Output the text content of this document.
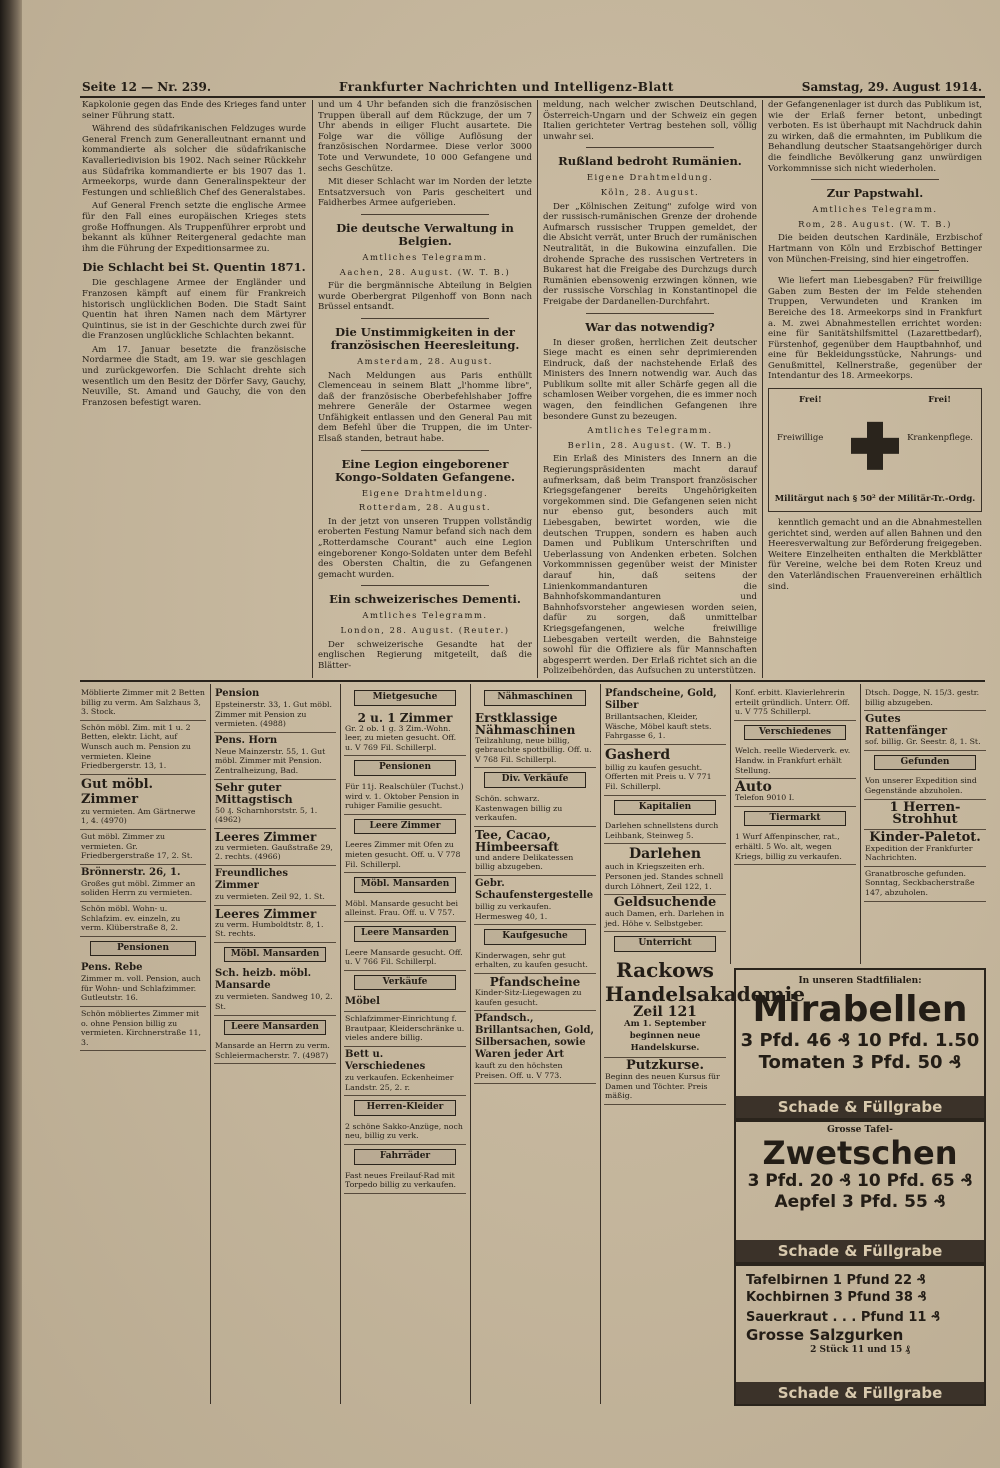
Seite 12 — Nr. 239.	Frankfurter Nachrichten und Intelligenz-Blatt	Samstag, 29. August 1914.

Kapkolonie gegen das Ende des Krieges fand unter seiner Führung statt.

Während des südafrikanischen Feldzuges wurde General French zum Generalleutnant ernannt und kommandierte als solcher die südafrikanische Kavalleriedivision bis 1902. Nach seiner Rückkehr aus Südafrika kommandierte er bis 1907 das 1. Armeekorps, wurde dann Generalinspekteur der Festungen und schließlich Chef des Generalstabes.

Auf General French setzte die englische Armee für den Fall eines europäischen Krieges stets große Hoffnungen. Als Truppenführer erprobt und bekannt als kühner Reitergeneral gedachte man ihm die Führung der Expeditionsarmee zu.

Die Schlacht bei St. Quentin 1871.

Die geschlagene Armee der Engländer und Franzosen kämpft auf einem für Frankreich historisch unglücklichen Boden. Die Stadt Saint Quentin hat ihren Namen nach dem Märtyrer Quintinus, sie ist in der Geschichte durch zwei für die Franzosen unglückliche Schlachten bekannt.

Am 17. Januar besetzte die französische Nordarmee die Stadt, am 19. war sie geschlagen und zurückgeworfen. Die Schlacht drehte sich wesentlich um den Besitz der Dörfer Savy, Gauchy, Neuville, St. Amand und Gauchy, die von den Franzosen befestigt waren.

und um 4 Uhr befanden sich die französischen Truppen überall auf dem Rückzuge, der um 7 Uhr abends in eiliger Flucht ausartete. Die Folge war die völlige Auflösung der französischen Nordarmee. Diese verlor 3000 Tote und Verwundete, 10 000 Gefangene und sechs Geschütze.

Mit dieser Schlacht war im Norden der letzte Entsatzversuch von Paris gescheitert und Faidherbes Armee aufgerieben.

Die deutsche Verwaltung in Belgien.
Amtliches Telegramm.
Aachen, 28. August. (W. T. B.)

Für die bergmännische Abteilung in Belgien wurde Oberbergrat Pilgenhoff von Bonn nach Brüssel entsandt.

Die Unstimmigkeiten in der französischen Heeresleitung.
Amsterdam, 28. August.

Nach Meldungen aus Paris enthüllt Clemenceau in seinem Blatt „l'homme libre", daß der französische Oberbefehlshaber Joffre mehrere Generäle der Ostarmee wegen Unfähigkeit entlassen und den General Pau mit dem Befehl über die Truppen, die im Unter-Elsaß standen, betraut habe.

Eine Legion eingeborener Kongo-Soldaten Gefangene.
Eigene Drahtmeldung.
Rotterdam, 28. August.

In der jetzt von unseren Truppen vollständig eroberten Festung Namur befand sich nach dem „Rotterdamsche Courant" auch eine Legion eingeborener Kongo-Soldaten unter dem Befehl des Obersten Chaltin, die zu Gefangenen gemacht wurden.

Ein schweizerisches Dementi.
Amtliches Telegramm.
London, 28. August. (Reuter.)

Der schweizerische Gesandte hat der englischen Regierung mitgeteilt, daß die Blätter-

meldung, nach welcher zwischen Deutschland, Österreich-Ungarn und der Schweiz ein gegen Italien gerichteter Vertrag bestehen soll, völlig unwahr sei.

Rußland bedroht Rumänien.
Eigene Drahtmeldung.
Köln, 28. August.

Der „Kölnischen Zeitung" zufolge wird von der russisch-rumänischen Grenze der drohende Aufmarsch russischer Truppen gemeldet, der die Absicht verrät, unter Bruch der rumänischen Neutralität, in die Bukowina einzufallen. Die drohende Sprache des russischen Vertreters in Bukarest hat die Freigabe des Durchzugs durch Rumänien ebensowenig erzwingen können, wie der russische Vorschlag in Konstantinopel die Freigabe der Dardanellen-Durchfahrt.

War das notwendig?

In dieser großen, herrlichen Zeit deutscher Siege macht es einen sehr deprimierenden Eindruck, daß der nachstehende Erlaß des Ministers des Innern notwendig war. Auch das Publikum sollte mit aller Schärfe gegen all die schamlosen Weiber vorgehen, die es immer noch wagen, den feindlichen Gefangenen ihre besondere Gunst zu bezeugen.

Amtliches Telegramm.
Berlin, 28. August. (W. T. B.)

Ein Erlaß des Ministers des Innern an die Regierungspräsidenten macht darauf aufmerksam, daß beim Transport französischer Kriegsgefangener bereits Ungehörigkeiten vorgekommen sind. Die Gefangenen seien nicht nur ebenso gut, besonders auch mit Liebesgaben, bewirtet worden, wie die deutschen Truppen, sondern es haben auch Damen und Publikum Unterschriften und Ueberlassung von Andenken erbeten. Solchen Vorkommnissen gegenüber weist der Minister darauf hin, daß seitens der Linienkommandanturen die Bahnhofskommandanturen und Bahnhofsvorsteher angewiesen worden seien, dafür zu sorgen, daß unmittelbar Kriegsgefangenen, welche freiwillige Liebesgaben verteilt werden, die Bahnsteige sowohl für die Offiziere als für Mannschaften abgesperrt werden. Der Erlaß richtet sich an die Polizeibehörden, das Aufsuchen zu unterstützen.

der Gefangenenlager ist durch das Publikum ist, wie der Erlaß ferner betont, unbedingt verboten. Es ist überhaupt mit Nachdruck dahin zu wirken, daß die ermahnten, im Publikum die Behandlung deutscher Staatsangehöriger durch die feindliche Bevölkerung ganz unwürdigen Vorkommnisse sich nicht wiederholen.

Zur Papstwahl.
Amtliches Telegramm.
Rom, 28. August. (W. T. B.)

Die beiden deutschen Kardinäle, Erzbischof Hartmann von Köln und Erzbischof Bettinger von München-Freising, sind hier eingetroffen.

Wie liefert man Liebesgaben? Für freiwillige Gaben zum Besten der im Felde stehenden Truppen, Verwundeten und Kranken im Bereiche des 18. Armeekorps sind in Frankfurt a. M. zwei Abnahmestellen errichtet worden: eine für Sanitätshilfsmittel (Lazarettbedarf), Fürstenhof, gegenüber dem Hauptbahnhof, und eine für Bekleidungsstücke, Nahrungs- und Genußmittel, Kellnerstraße, gegenüber der Intendantur des 18. Armeekorps.

Frei!	Frei!
Freiwillige	Krankenpflege.
Militärgut nach § 50² der Militär-Tr.-Ordg.

kenntlich gemacht und an die Abnahmestellen gerichtet sind, werden auf allen Bahnen und den Heeresverwaltung zur Beförderung freigegeben. Weitere Einzelheiten enthalten die Merkblätter für Vereine, welche bei dem Roten Kreuz und den Vaterländischen Frauenvereinen erhältlich sind.

Möblierte Zimmer mit 2 Betten billig zu verm. Am Salzhaus 3, 3. Stock.
Schön möbl. Zim. mit 1 u. 2 Betten, elektr. Licht, auf Wunsch auch m. Pension zu vermieten. Kleine Friedbergerstr. 13, 1.
Gut möbl. Zimmer
zu vermieten. Am Gärtnerwe 1, 4. (4970)
Gut möbl. Zimmer zu vermieten. Gr. Friedbergerstraße 17, 2. St.
Brönnerstr. 26, 1.
Großes gut möbl. Zimmer an soliden Herrn zu vermieten.
Schön möbl. Wohn- u. Schlafzim. ev. einzeln, zu verm. Klüberstraße 8, 2.
Pensionen
Pens. Rebe
Zimmer m. voll. Pension, auch für Wohn- und Schlafzimmer. Gutleutstr. 16.
Schön möbliertes Zimmer mit o. ohne Pension billig zu vermieten. Kirchnerstraße 11, 3.
Pension
Epsteinerstr. 33, 1. Gut möbl. Zimmer mit Pension zu vermieten. (4988)
Pens. Horn
Neue Mainzerstr. 55, 1. Gut möbl. Zimmer mit Pension. Zentralheizung, Bad.
Sehr guter Mittagstisch
50 ₰. Scharnhorststr. 5, 1. (4962)
Leeres Zimmer
zu vermieten. Gaußstraße 29, 2. rechts. (4966)
Freundliches Zimmer
zu vermieten. Zeil 92, 1. St.
Leeres Zimmer
zu verm. Humboldtstr. 8, 1. St. rechts.
Möbl. Mansarden
Sch. heizb. möbl. Mansarde
zu vermieten. Sandweg 10, 2. St.
Leere Mansarden
Mansarde an Herrn zu verm. Schleiermacherstr. 7. (4987)
Mietgesuche
2 u. 1 Zimmer
Gr. 2 ob. 1 g. 3 Zim.-Wohn. leer, zu mieten gesucht. Off. u. V 769 Fil. Schillerpl.
Pensionen
Für 11j. Realschüler (Tuchst.) wird v. 1. Oktober Pension in ruhiger Familie gesucht.
Leere Zimmer
Leeres Zimmer mit Ofen zu mieten gesucht. Off. u. V 778 Fil. Schillerpl.
Möbl. Mansarden
Möbl. Mansarde gesucht bei alleinst. Frau. Off. u. V 757.
Leere Mansarden
Leere Mansarde gesucht. Off. u. V 766 Fil. Schillerpl.
Verkäufe
Möbel
Schlafzimmer-Einrichtung f. Brautpaar, Kleiderschränke u. vieles andere billig.
Bett u. Verschiedenes
zu verkaufen. Eckenheimer Landstr. 25, 2. r.
Herren-Kleider
2 schöne Sakko-Anzüge, noch neu, billig zu verk.
Fahrräder
Fast neues Freilauf-Rad mit Torpedo billig zu verkaufen.
Nähmaschinen
Erstklassige Nähmaschinen
Teilzahlung, neue billig, gebrauchte spottbillig. Off. u. V 768 Fil. Schillerpl.
Div. Verkäufe
Schön. schwarz. Kastenwagen billig zu verkaufen.
Tee, Cacao, Himbeersaft
und andere Delikatessen billig abzugeben.
Gebr. Schaufenstergestelle
billig zu verkaufen. Hermesweg 40, 1.
Kaufgesuche
Kinderwagen, sehr gut erhalten, zu kaufen gesucht.
Pfandscheine
Kinder-Sitz-Liegewagen zu kaufen gesucht.
Pfandsch., Brillantsachen, Gold, Silbersachen, sowie Waren jeder Art
kauft zu den höchsten Preisen. Off. u. V 773.
Pfandscheine, Gold, Silber
Brillantsachen, Kleider, Wäsche, Möbel kauft stets. Fahrgasse 6, 1.
Gasherd
billig zu kaufen gesucht. Offerten mit Preis u. V 771 Fil. Schillerpl.
Kapitalien
Darlehen schnellstens durch Leihbank, Steinweg 5.
Darlehen
auch in Kriegszeiten erh. Personen jed. Standes schnell durch Löhnert, Zeil 122, 1.
Geldsuchende
auch Damen, erh. Darlehen in jed. Höhe v. Selbstgeber.
Unterricht
Rackows Handelsakademie
Zeil 121
Am 1. September beginnen neue Handelskurse.
Putzkurse.
Beginn des neuen Kursus für Damen und Töchter. Preis mäßig.
Konf. erbitt. Klavierlehrerin erteilt gründlich. Unterr. Off. u. V 775 Schillerpl.
Verschiedenes
Welch. reelle Wiederverk. ev. Handw. in Frankfurt erhält Stellung.
Auto
Telefon 9010 I.
Tiermarkt
1 Wurf Affenpinscher, rat., erhältl. 5 Wo. alt, wegen Kriegs, billig zu verkaufen.
Dtsch. Dogge, N. 15/3. gestr. billig abzugeben.
Gutes Rattenfänger
sof. billig. Gr. Seestr. 8, 1. St.
Gefunden
Von unserer Expedition sind Gegenstände abzuholen.
1 Herren-Strohhut
Kinder-Paletot.
Expedition der Frankfurter Nachrichten.
Granatbrosche gefunden. Sonntag, Seckbacherstraße 147, abzuholen.
In unseren Stadtfilialen:
Mirabellen
3 Pfd. 46 ₰ 10 Pfd. 1.50
Tomaten 3 Pfd. 50 ₰
Schade & Füllgrabe
Grosse Tafel-
Zwetschen
3 Pfd. 20 ₰ 10 Pfd. 65 ₰
Aepfel 3 Pfd. 55 ₰
Schade & Füllgrabe
Tafelbirnen 1 Pfund 22 ₰
Kochbirnen 3 Pfund 38 ₰
Sauerkraut . . . Pfund 11 ₰
Grosse Salzgurken
2 Stück 11 und 15 ₰
Schade & Füllgrabe
